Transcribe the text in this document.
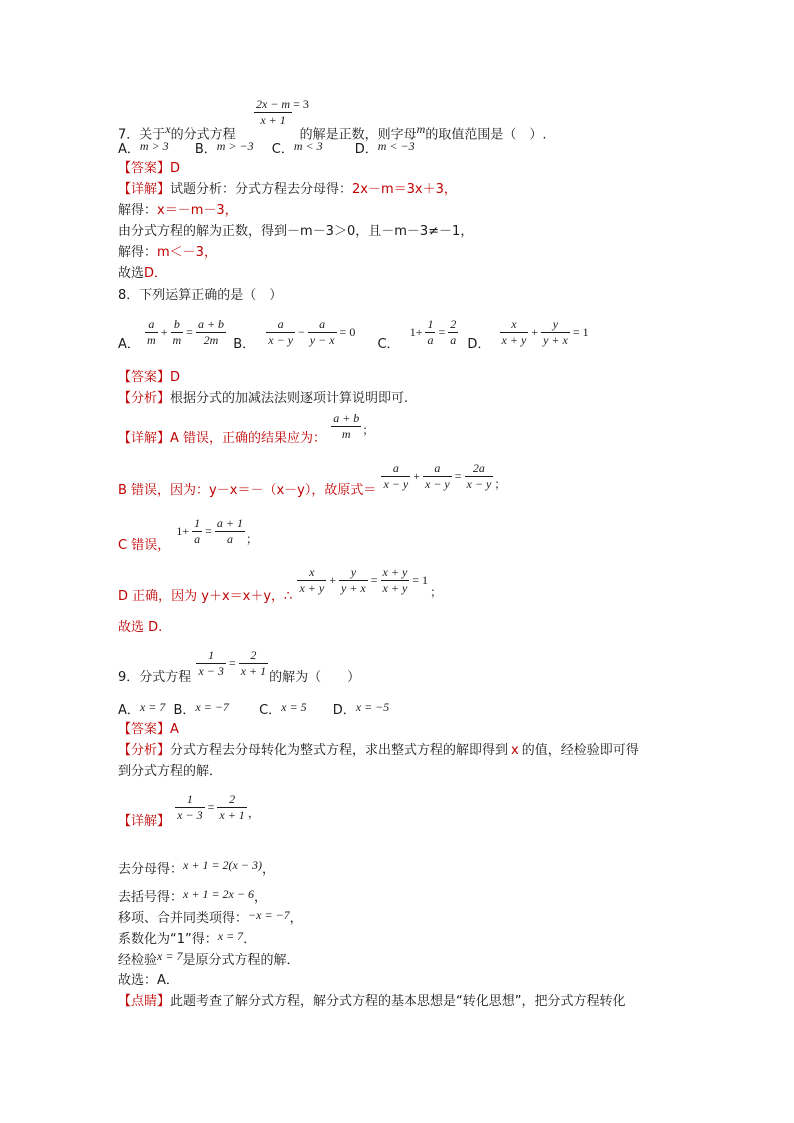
$\frac{2x - m}{x + 1} = 3$
7．关于$^x$的分式方程	的解是正数，则字母$^m$的取值范围是（　）.
A．m > 3 B．m > −3 C．m < 3 D．m < −3
【答案】D
【详解】试题分析：分式方程去分母得：2x－m＝3x＋3，
解得：x＝－m－3，
由分式方程的解为正数，得到－m－3＞0，且－m－3≠－1，
解得：m＜－3，
故选D．
8．下列运算正确的是（　）
A． $\frac{a}{m} + \frac{b}{m} = \frac{a + b}{2m}$ B． $\frac{a}{x - y} - \frac{a}{y - x} = 0$ C． $1+ \frac{1}{a} = \frac{2}{a}$ D． $\frac{x}{x + y} + \frac{y}{y + x} = 1$
【答案】D
【分析】根据分式的加减法法则逐项计算说明即可.
【详解】A 错误，正确的结果应为： $\frac{a + b}{m}$ ；
B 错误，因为：y－x＝－（x－y），故原式＝ $\frac{a}{x - y} + \frac{a}{x - y} = \frac{2a}{x - y}$ ；
C 错误， $1+ \frac{1}{a} = \frac{a + 1}{a}$ ；
D 正确，因为 y＋x＝x＋y，∴
$\frac{x}{x + y} + \frac{y}{y + x} = \frac{x + y}{x + y} = 1$；
故选 D.
9．分式方程 $\frac{1}{x - 3} = \frac{2}{x + 1}$ 的解为（　　）
A．x = 7 B．x = −7 C．x = 5 D．x = −5
【答案】A
【分析】分式方程去分母转化为整式方程，求出整式方程的解即得到 x 的值，经检验即可得
到分式方程的解．
【详解】 $\frac{1}{x - 3} = \frac{2}{x + 1}$ ，
去分母得：x + 1 = 2(x − 3)，
去括号得：x + 1 = 2x − 6，
移项、合并同类项得：−x = −7，
系数化为“1”得：x = 7．
经检验x = 7是原分式方程的解．
故选：A．
【点睛】此题考查了解分式方程，解分式方程的基本思想是“转化思想”，把分式方程转化
